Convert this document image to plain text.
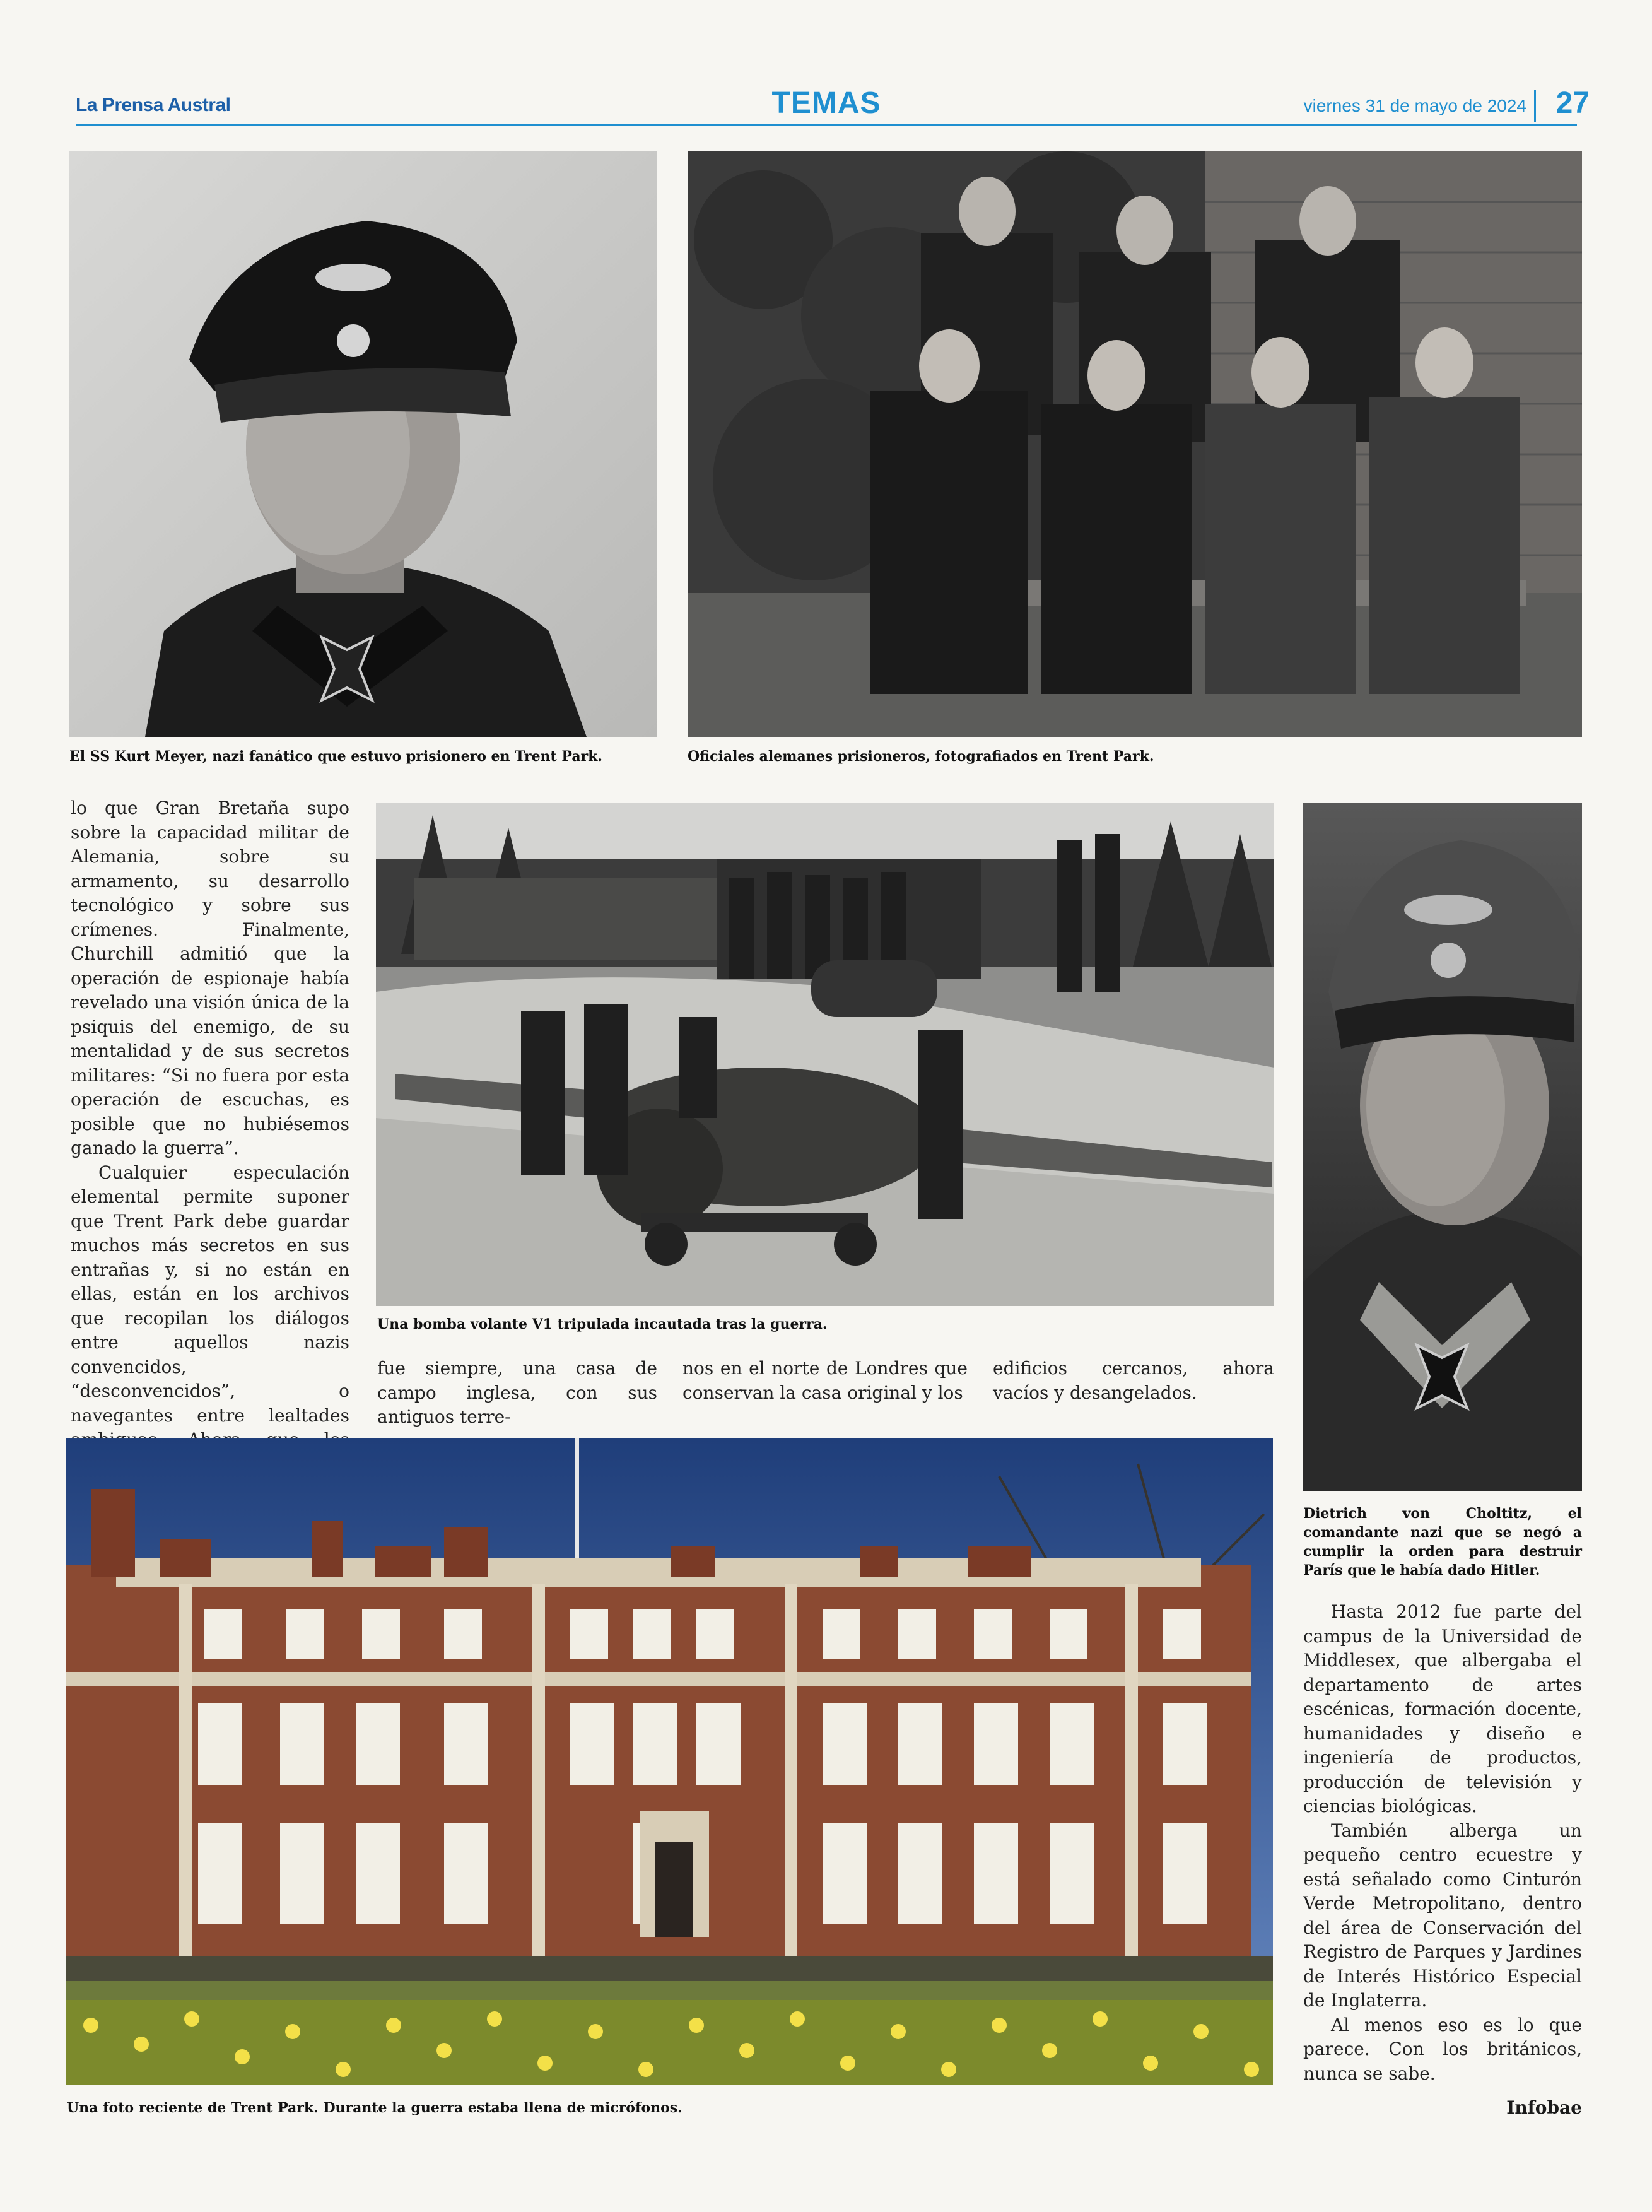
La Prensa Austral	TEMAS	viernes 31 de mayo de 2024 27
El SS Kurt Meyer, nazi fanático que estuvo prisionero en Trent Park.	Oficiales alemanes prisioneros, fotografiados en Trent Park.

lo que Gran Bretaña supo sobre la capacidad militar de Alemania, sobre su armamento, su desarrollo tecnológico y sobre sus crímenes. Finalmente, Churchill admitió que la operación de espionaje había revelado una visión única de la psiquis del enemigo, de su mentalidad y de sus secretos militares: “Si no fuera por esta operación de escuchas, es posible que no hubiésemos ganado la guerra”.

Cualquier especulación elemental permite suponer que Trent Park debe guardar muchos más secretos en sus entrañas y, si no están en ellas, están en los archivos que recopilan los diálogos entre aquellos nazis convencidos, “desconvencidos”, o navegantes entre lealtades

Una bomba volante V1 tripulada incautada tras la guerra.
fue siempre, una casa de campo inglesa, con sus antiguos terre-
nos en el norte de Londres que conservan la casa original y los
edificios cercanos, ahora vacíos y desangelados.
Dietrich von Choltitz, el comandante nazi que se negó a cumplir la orden para destruir París que le había dado Hitler.

Hasta 2012 fue parte del campus de la Universidad de Middlesex, que albergaba el departamento de artes escénicas, formación docente, humanidades y diseño e ingeniería de productos, producción de televisión y ciencias biológicas.

También alberga un pequeño centro ecuestre y está señalado como Cinturón Verde Metropolitano, dentro del área de Conservación del Registro de Parques y Jardines de Interés Histórico Especial de Inglaterra.

Al menos eso es lo que parece. Con los británicos, nunca se sabe.

Infobae
Una foto reciente de Trent Park. Durante la guerra estaba llena de micrófonos.
